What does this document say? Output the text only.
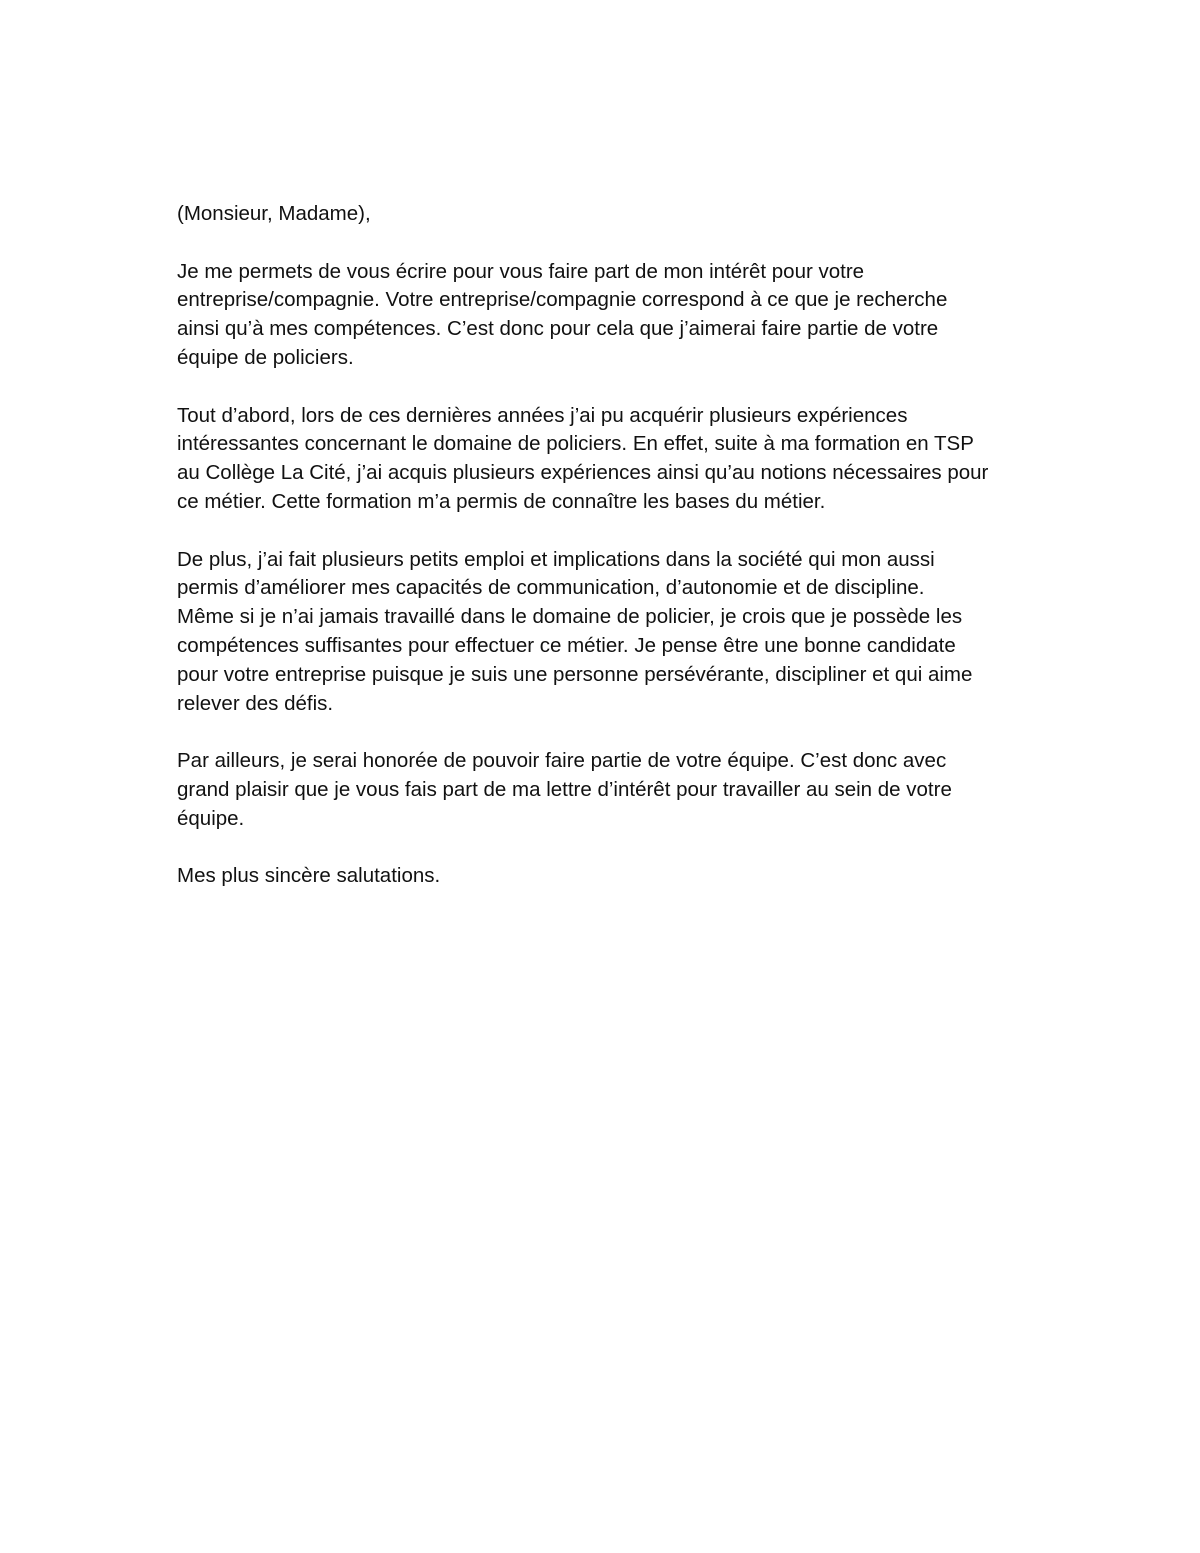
(Monsieur, Madame),
Je me permets de vous écrire pour vous faire part de mon intérêt pour votre
entreprise/compagnie. Votre entreprise/compagnie correspond à ce que je recherche
ainsi qu’à mes compétences. C’est donc pour cela que j’aimerai faire partie de votre
équipe de policiers.
Tout d’abord, lors de ces dernières années j’ai pu acquérir plusieurs expériences
intéressantes concernant le domaine de policiers. En effet, suite à ma formation en TSP
au Collège La Cité, j’ai acquis plusieurs expériences ainsi qu’au notions nécessaires pour
ce métier. Cette formation m’a permis de connaître les bases du métier.
De plus, j’ai fait plusieurs petits emploi et implications dans la société qui mon aussi
permis d’améliorer mes capacités de communication, d’autonomie et de discipline.
Même si je n’ai jamais travaillé dans le domaine de policier, je crois que je possède les
compétences suffisantes pour effectuer ce métier. Je pense être une bonne candidate
pour votre entreprise puisque je suis une personne persévérante, discipliner et qui aime
relever des défis.
Par ailleurs, je serai honorée de pouvoir faire partie de votre équipe. C’est donc avec
grand plaisir que je vous fais part de ma lettre d’intérêt pour travailler au sein de votre
équipe.
Mes plus sincère salutations.
